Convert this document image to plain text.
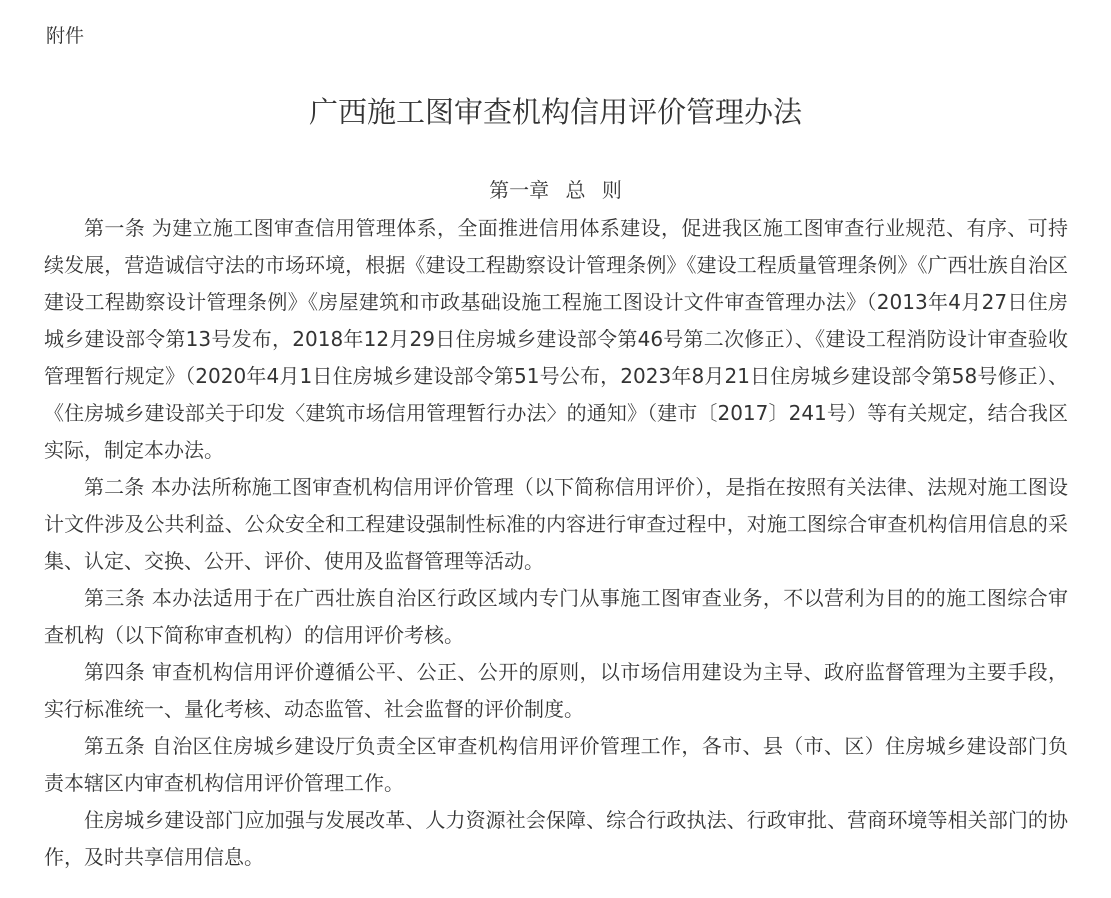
附件
广西施工图审查机构信用评价管理办法
第一章 总 则

第一条 为建立施工图审查信用管理体系，全面推进信用体系建设，促进我区施工图审查行业规范、有序、可持续发展，营造诚信守法的市场环境，根据《建设工程勘察设计管理条例》《建设工程质量管理条例》《广西壮族自治区建设工程勘察设计管理条例》《房屋建筑和市政基础设施工程施工图设计文件审查管理办法》（2013年4月27日住房城乡建设部令第13号发布，2018年12月29日住房城乡建设部令第46号第二次修正）、《建设工程消防设计审查验收管理暂行规定》（2020年4月1日住房城乡建设部令第51号公布，2023年8月21日住房城乡建设部令第58号修正）、《住房城乡建设部关于印发〈建筑市场信用管理暂行办法〉的通知》（建市〔2017〕241号）等有关规定，结合我区实际，制定本办法。

第二条 本办法所称施工图审查机构信用评价管理（以下简称信用评价），是指在按照有关法律、法规对施工图设计文件涉及公共利益、公众安全和工程建设强制性标准的内容进行审查过程中，对施工图综合审查机构信用信息的采集、认定、交换、公开、评价、使用及监督管理等活动。

第三条 本办法适用于在广西壮族自治区行政区域内专门从事施工图审查业务，不以营利为目的的施工图综合审查机构（以下简称审查机构）的信用评价考核。

第四条 审查机构信用评价遵循公平、公正、公开的原则，以市场信用建设为主导、政府监督管理为主要手段，实行标准统一、量化考核、动态监管、社会监督的评价制度。

第五条 自治区住房城乡建设厅负责全区审查机构信用评价管理工作，各市、县（市、区）住房城乡建设部门负责本辖区内审查机构信用评价管理工作。

住房城乡建设部门应加强与发展改革、人力资源社会保障、综合行政执法、行政审批、营商环境等相关部门的协作，及时共享信用信息。
